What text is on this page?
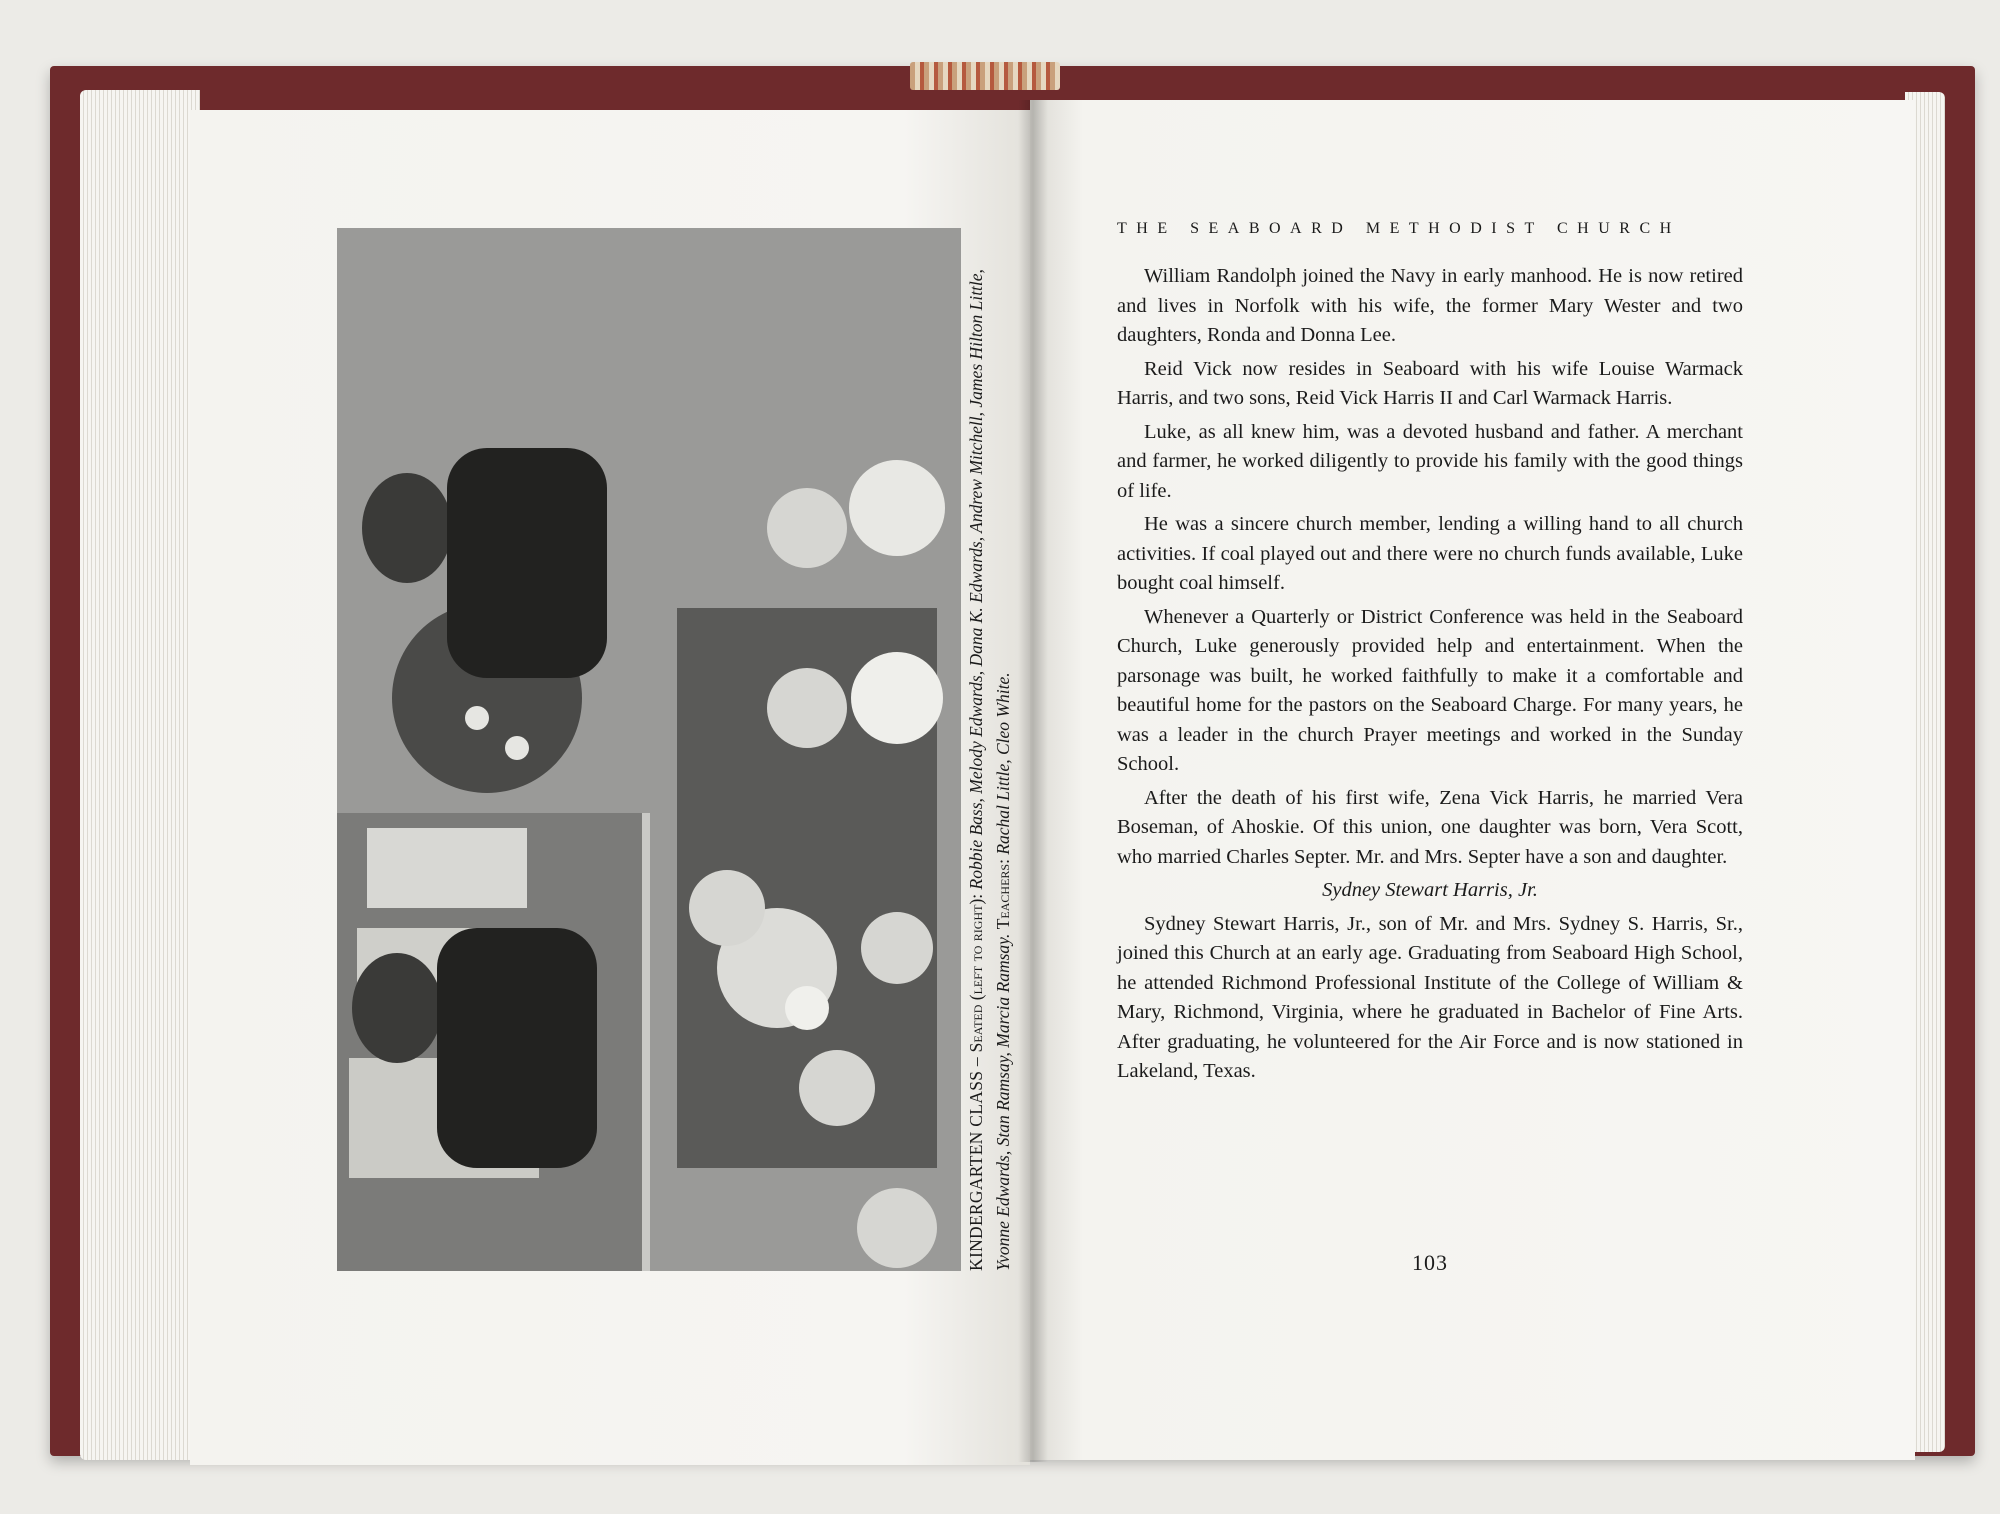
KINDERGARTEN CLASS – Seated (left to right): Robbie Bass, Melody Edwards, Dana K. Edwards, Andrew Mitchell, James Hilton Little, Yvonne Edwards, Stan Ramsay, Marcia Ramsay. Teachers: Rachal Little, Cleo White.
THE SEABOARD METHODIST CHURCH

William Randolph joined the Navy in early manhood. He is now retired and lives in Norfolk with his wife, the former Mary Wester and two daughters, Ronda and Donna Lee.

Reid Vick now resides in Seaboard with his wife Louise Warmack Harris, and two sons, Reid Vick Harris II and Carl Warmack Harris.

Luke, as all knew him, was a devoted husband and father. A merchant and farmer, he worked diligently to provide his family with the good things of life.

He was a sincere church member, lending a willing hand to all church activities. If coal played out and there were no church funds available, Luke bought coal himself.

Whenever a Quarterly or District Conference was held in the Seaboard Church, Luke generously provided help and entertainment. When the parsonage was built, he worked faithfully to make it a comfortable and beautiful home for the pastors on the Seaboard Charge. For many years, he was a leader in the church Prayer meetings and worked in the Sunday School.

After the death of his first wife, Zena Vick Harris, he married Vera Boseman, of Ahoskie. Of this union, one daughter was born, Vera Scott, who married Charles Septer. Mr. and Mrs. Septer have a son and daughter.

Sydney Stewart Harris, Jr.

Sydney Stewart Harris, Jr., son of Mr. and Mrs. Sydney S. Harris, Sr., joined this Church at an early age. Graduating from Seaboard High School, he attended Richmond Professional Institute of the College of William & Mary, Richmond, Virginia, where he graduated in Bachelor of Fine Arts. After graduating, he volunteered for the Air Force and is now stationed in Lakeland, Texas.

103
